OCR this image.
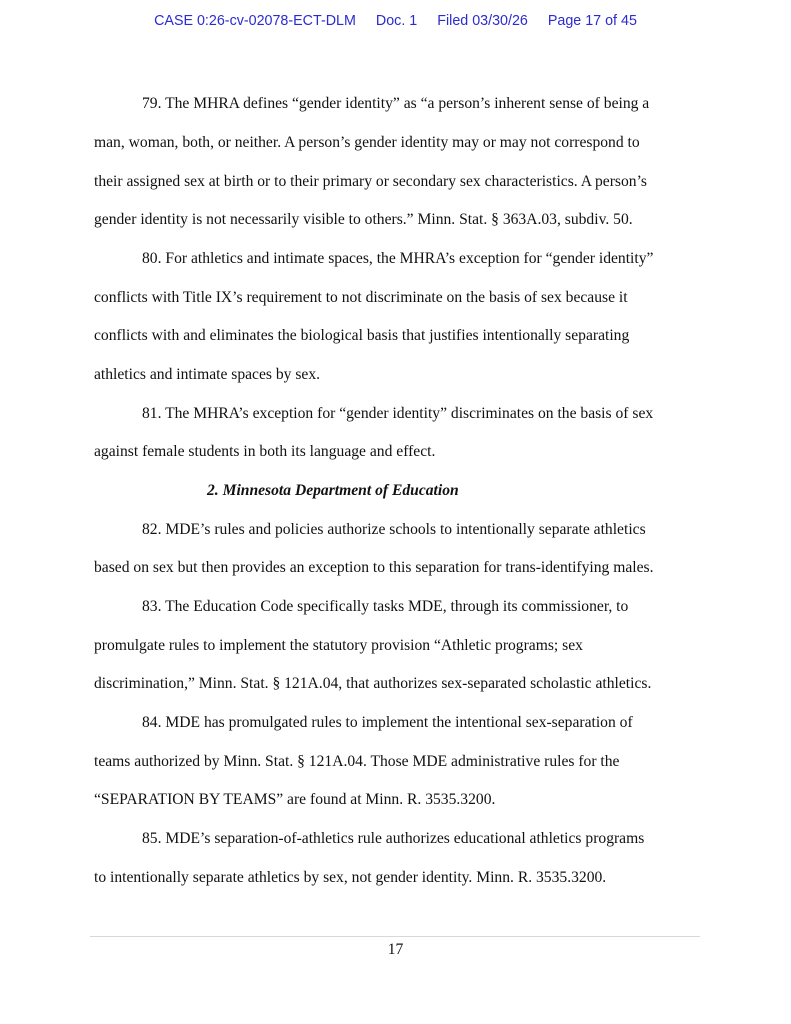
CASE 0:26-cv-02078-ECT-DLM Doc. 1 Filed 03/30/26 Page 17 of 45
79. The MHRA defines “gender identity” as “a person’s inherent sense of being a
man, woman, both, or neither. A person’s gender identity may or may not correspond to
their assigned sex at birth or to their primary or secondary sex characteristics. A person’s
gender identity is not necessarily visible to others.” Minn. Stat. § 363A.03, subdiv. 50.
80. For athletics and intimate spaces, the MHRA’s exception for “gender identity”
conflicts with Title IX’s requirement to not discriminate on the basis of sex because it
conflicts with and eliminates the biological basis that justifies intentionally separating
athletics and intimate spaces by sex.
81. The MHRA’s exception for “gender identity” discriminates on the basis of sex
against female students in both its language and effect.
2. Minnesota Department of Education
82. MDE’s rules and policies authorize schools to intentionally separate athletics
based on sex but then provides an exception to this separation for trans-identifying males.
83. The Education Code specifically tasks MDE, through its commissioner, to
promulgate rules to implement the statutory provision “Athletic programs; sex
discrimination,” Minn. Stat. § 121A.04, that authorizes sex-separated scholastic athletics.
84. MDE has promulgated rules to implement the intentional sex-separation of
teams authorized by Minn. Stat. § 121A.04. Those MDE administrative rules for the
“SEPARATION BY TEAMS” are found at Minn. R. 3535.3200.
85. MDE’s separation-of-athletics rule authorizes educational athletics programs
to intentionally separate athletics by sex, not gender identity. Minn. R. 3535.3200.
17
